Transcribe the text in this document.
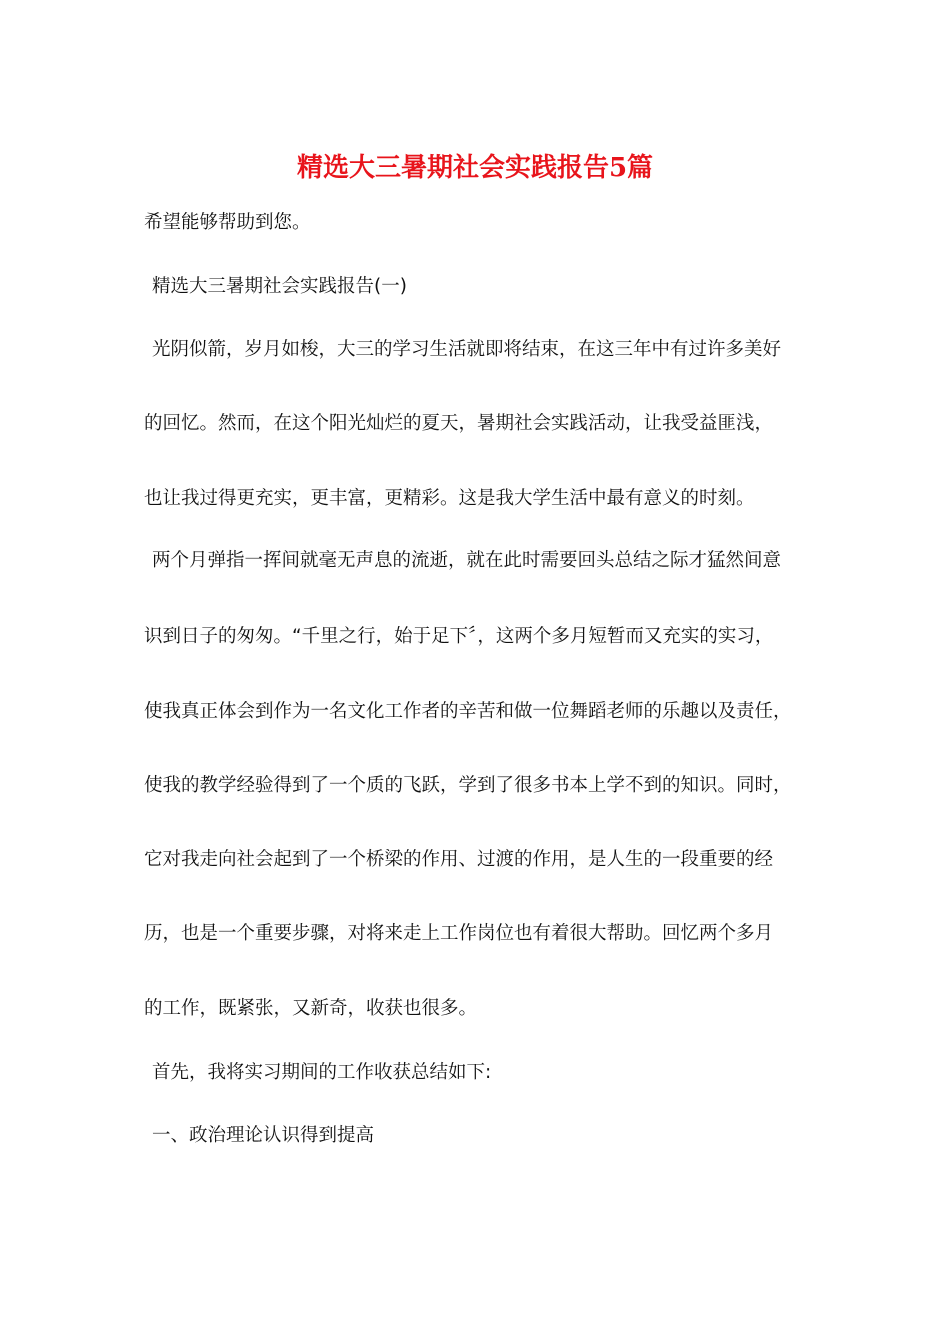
精选大三暑期社会实践报告5篇
希望能够帮助到您。
精选大三暑期社会实践报告(一)
光阴似箭，岁月如梭，大三的学习生活就即将结束，在这三年中有过许多美好
的回忆。然而，在这个阳光灿烂的夏天，暑期社会实践活动，让我受益匪浅，
也让我过得更充实，更丰富，更精彩。这是我大学生活中最有意义的时刻。
两个月弹指一挥间就毫无声息的流逝，就在此时需要回头总结之际才猛然间意
识到日子的匆匆。“千里之行，始于足下〞，这两个多月短暂而又充实的实习，
使我真正体会到作为一名文化工作者的辛苦和做一位舞蹈老师的乐趣以及责任，
使我的教学经验得到了一个质的飞跃，学到了很多书本上学不到的知识。同时，
它对我走向社会起到了一个桥梁的作用、过渡的作用，是人生的一段重要的经
历，也是一个重要步骤，对将来走上工作岗位也有着很大帮助。回忆两个多月
的工作，既紧张，又新奇，收获也很多。
首先，我将实习期间的工作收获总结如下:
一、政治理论认识得到提高
